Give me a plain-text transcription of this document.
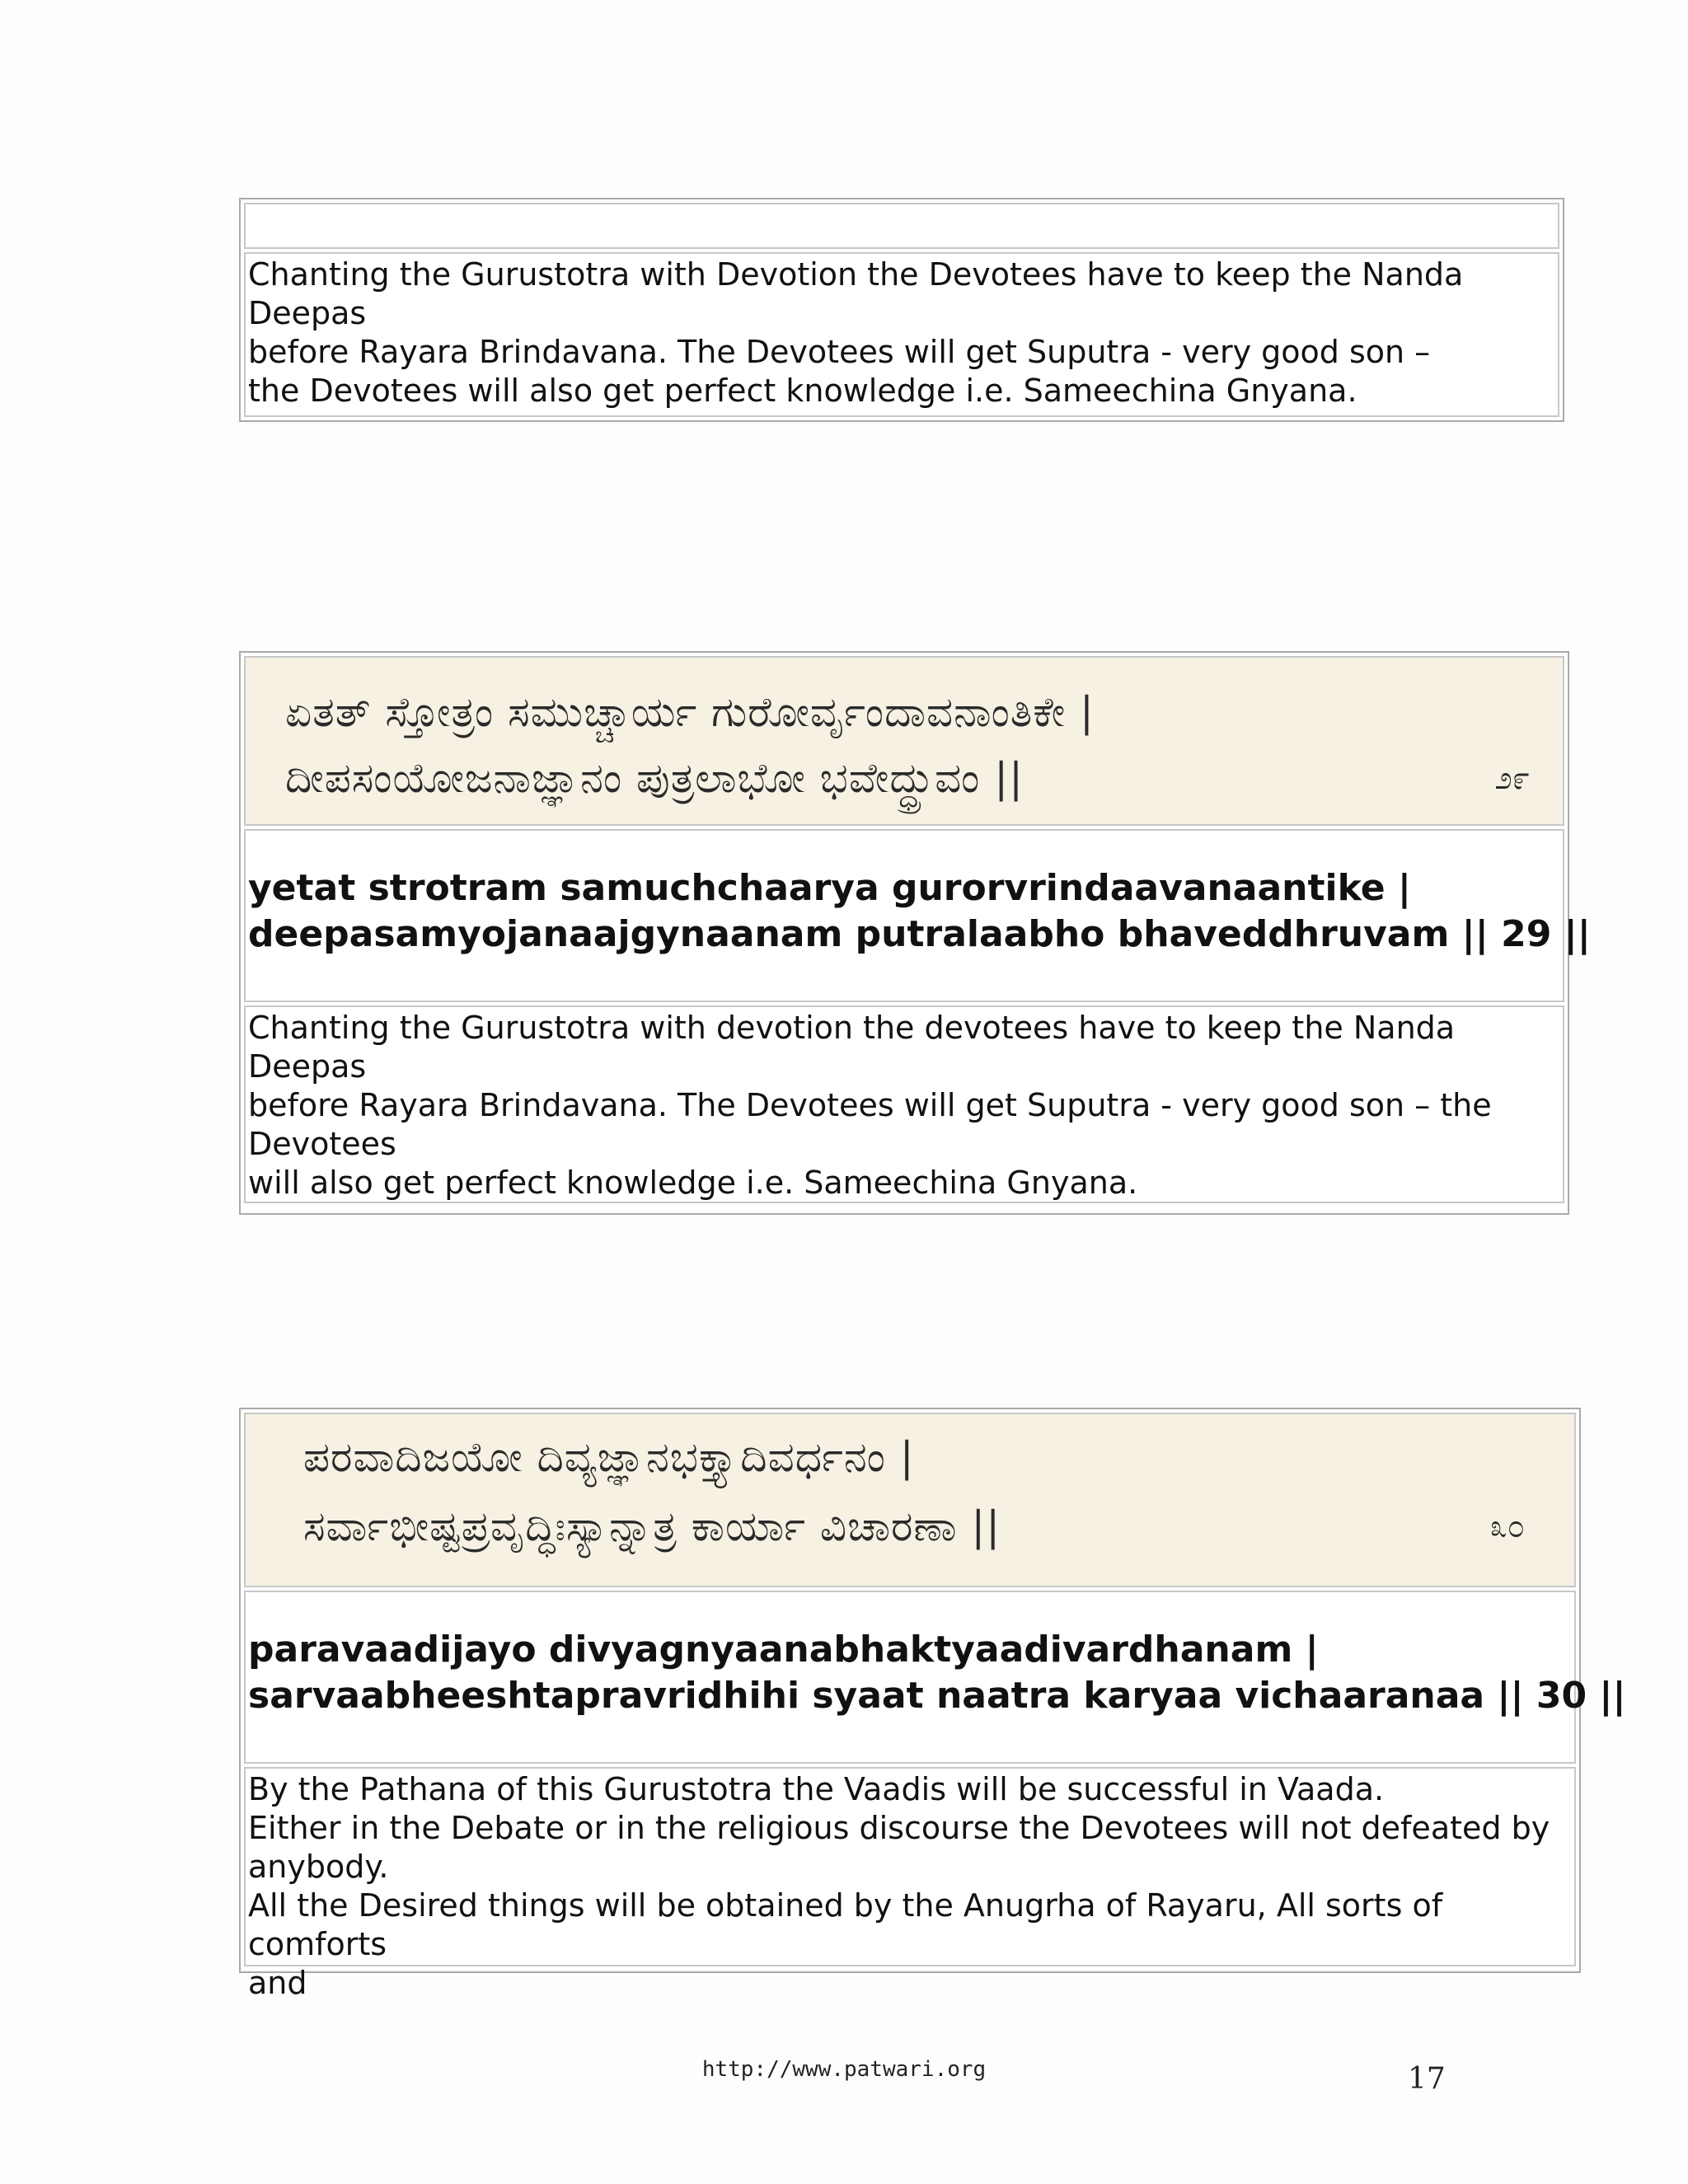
Chanting the Gurustotra with Devotion the Devotees have to keep the Nanda Deepas
before Rayara Brindavana. The Devotees will get Suputra - very good son –
the Devotees will also get perfect knowledge i.e. Sameechina Gnyana.
ಏತತ್ ಸ್ತೋತ್ರಂ ಸಮುಚ್ಚಾರ್ಯ ಗುರೋರ್ವೃಂದಾವನಾಂತಿಕೇ |
ದೀಪಸಂಯೋಜನಾಜ್ಞಾನಂ ಪುತ್ರಲಾಭೋ ಭವೇದ್ಧ್ರುವಂ ||	೨೯
yetat strotram samuchchaarya gurorvrindaavanaantike |
deepasamyojanaajgynaanam putralaabho bhaveddhruvam || 29 ||
Chanting the Gurustotra with devotion the devotees have to keep the Nanda Deepas
before Rayara Brindavana. The Devotees will get Suputra - very good son – the
Devotees
will also get perfect knowledge i.e. Sameechina Gnyana.
ಪರವಾದಿಜಯೋ ದಿವ್ಯಜ್ಞಾನಭಕ್ತ್ಯಾದಿವರ್ಧನಂ |
ಸರ್ವಾಭೀಷ್ಟಪ್ರವೃದ್ಧಿಃಸ್ಯಾನ್ನಾತ್ರ ಕಾರ್ಯಾ ವಿಚಾರಣಾ ||	೩೦
paravaadijayo divyagnyaanabhaktyaadivardhanam |
sarvaabheeshtapravridhihi syaat naatra karyaa vichaaranaa || 30 ||
By the Pathana of this Gurustotra the Vaadis will be successful in Vaada.
Either in the Debate or in the religious discourse the Devotees will not defeated by
anybody.
All the Desired things will be obtained by the Anugrha of Rayaru, All sorts of comforts
and
http://www.patwari.org	17
